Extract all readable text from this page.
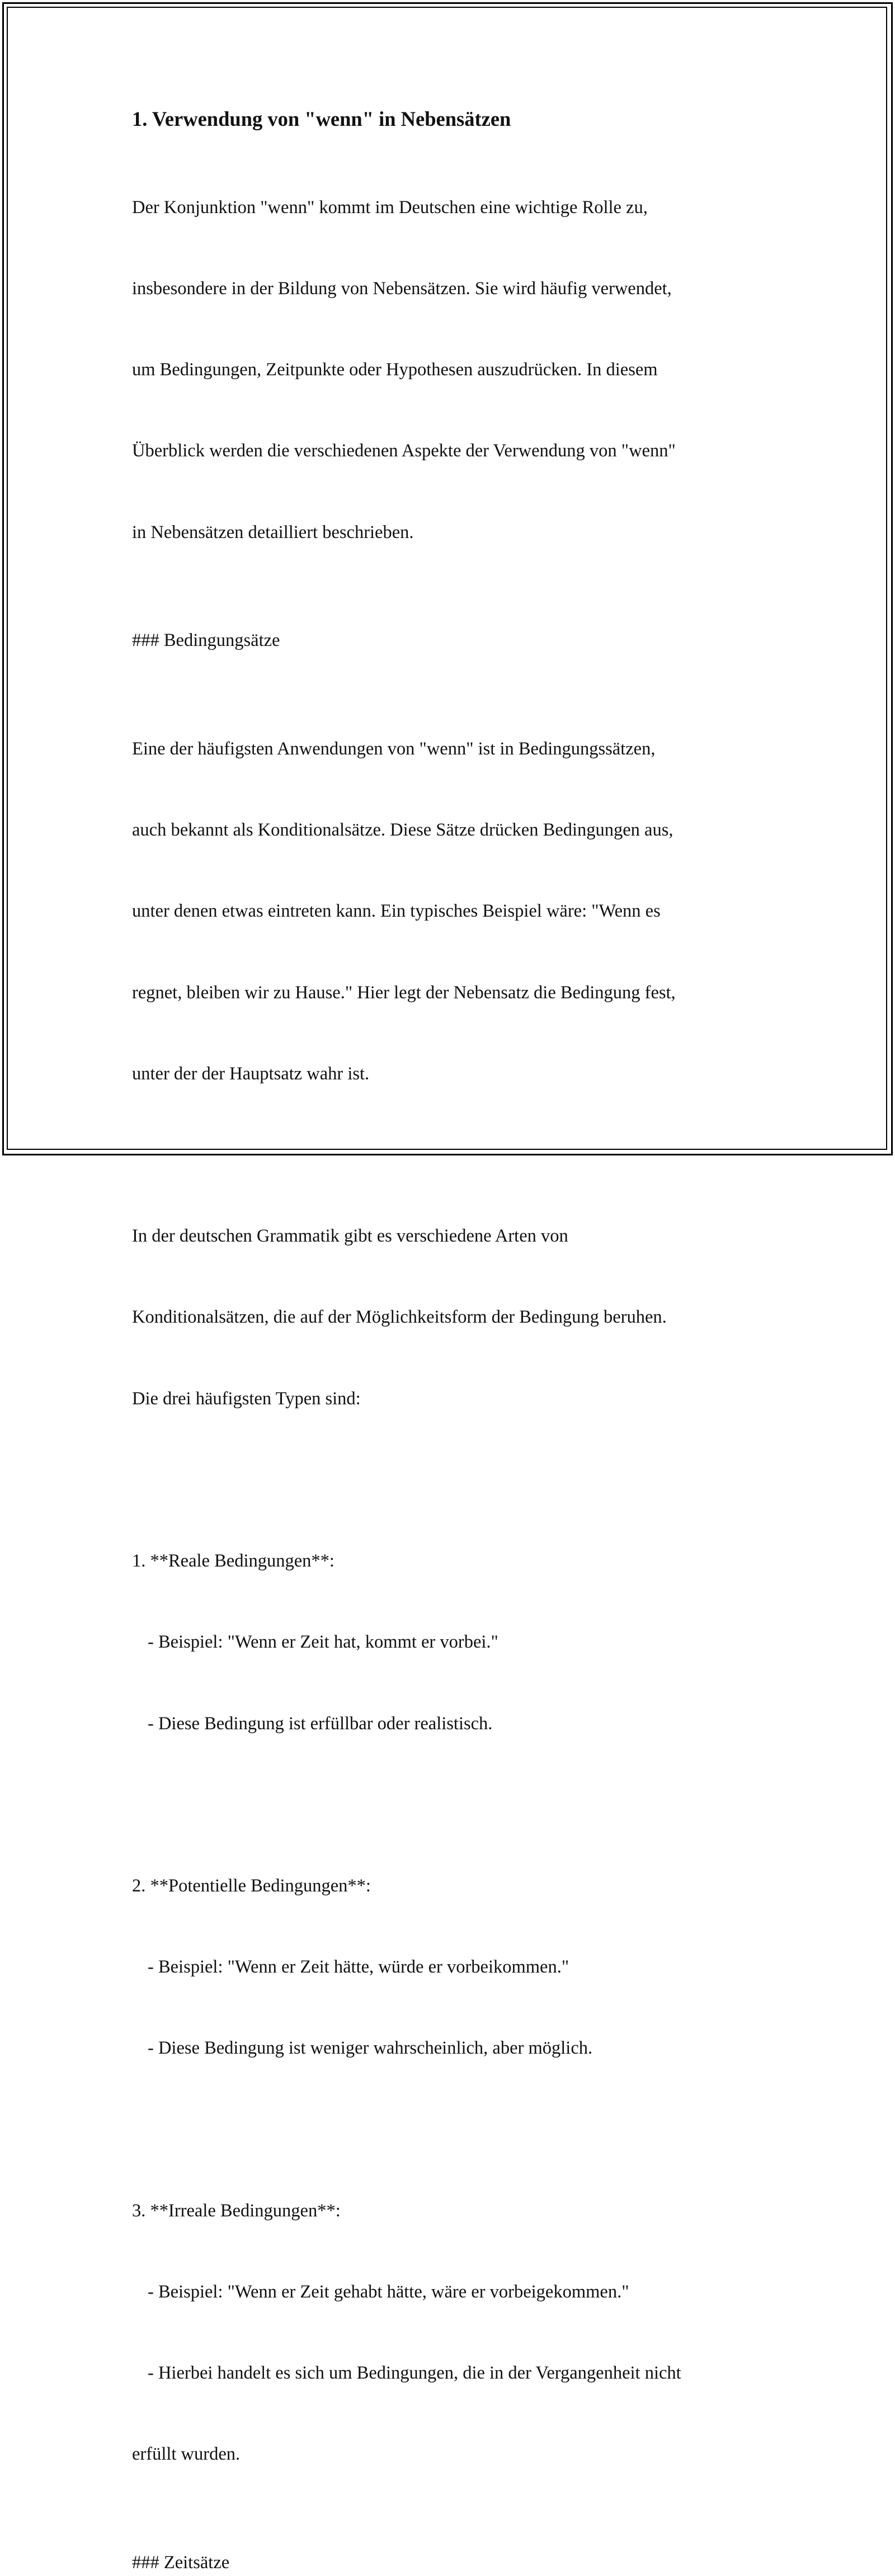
1. Verwendung von "wenn" in Nebensätzen

Der Konjunktion "wenn" kommt im Deutschen eine wichtige Rolle zu,

insbesondere in der Bildung von Nebensätzen. Sie wird häufig verwendet,

um Bedingungen, Zeitpunkte oder Hypothesen auszudrücken. In diesem

Überblick werden die verschiedenen Aspekte der Verwendung von "wenn"

in Nebensätzen detailliert beschrieben.

### Bedingungsätze

Eine der häufigsten Anwendungen von "wenn" ist in Bedingungssätzen,

auch bekannt als Konditionalsätze. Diese Sätze drücken Bedingungen aus,

unter denen etwas eintreten kann. Ein typisches Beispiel wäre: "Wenn es

regnet, bleiben wir zu Hause." Hier legt der Nebensatz die Bedingung fest,

unter der der Hauptsatz wahr ist.

In der deutschen Grammatik gibt es verschiedene Arten von

Konditionalsätzen, die auf der Möglichkeitsform der Bedingung beruhen.

Die drei häufigsten Typen sind:

1. **Reale Bedingungen**:

- Beispiel: "Wenn er Zeit hat, kommt er vorbei."

- Diese Bedingung ist erfüllbar oder realistisch.

2. **Potentielle Bedingungen**:

- Beispiel: "Wenn er Zeit hätte, würde er vorbeikommen."

- Diese Bedingung ist weniger wahrscheinlich, aber möglich.

3. **Irreale Bedingungen**:

- Beispiel: "Wenn er Zeit gehabt hätte, wäre er vorbeigekommen."

- Hierbei handelt es sich um Bedingungen, die in der Vergangenheit nicht

erfüllt wurden.

### Zeitsätze
